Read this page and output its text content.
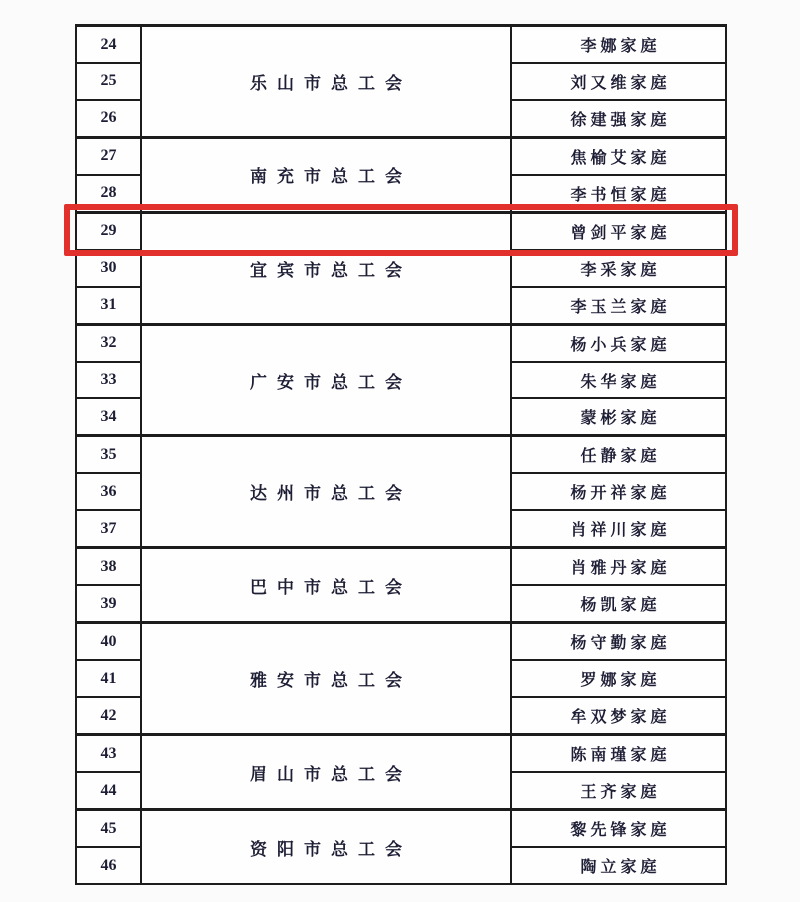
24	乐山市总工会	李娜家庭
25		刘又维家庭
26		徐建强家庭
27	南充市总工会	焦榆艾家庭
28		李书恒家庭
29	宜宾市总工会	曾剑平家庭
30		李采家庭
31		李玉兰家庭
32	广安市总工会	杨小兵家庭
33		朱华家庭
34		蒙彬家庭
35	达州市总工会	任静家庭
36		杨开祥家庭
37		肖祥川家庭
38	巴中市总工会	肖雅丹家庭
39		杨凯家庭
40	雅安市总工会	杨守勤家庭
41		罗娜家庭
42		牟双梦家庭
43	眉山市总工会	陈南瑾家庭
44		王齐家庭
45	资阳市总工会	黎先锋家庭
46		陶立家庭
